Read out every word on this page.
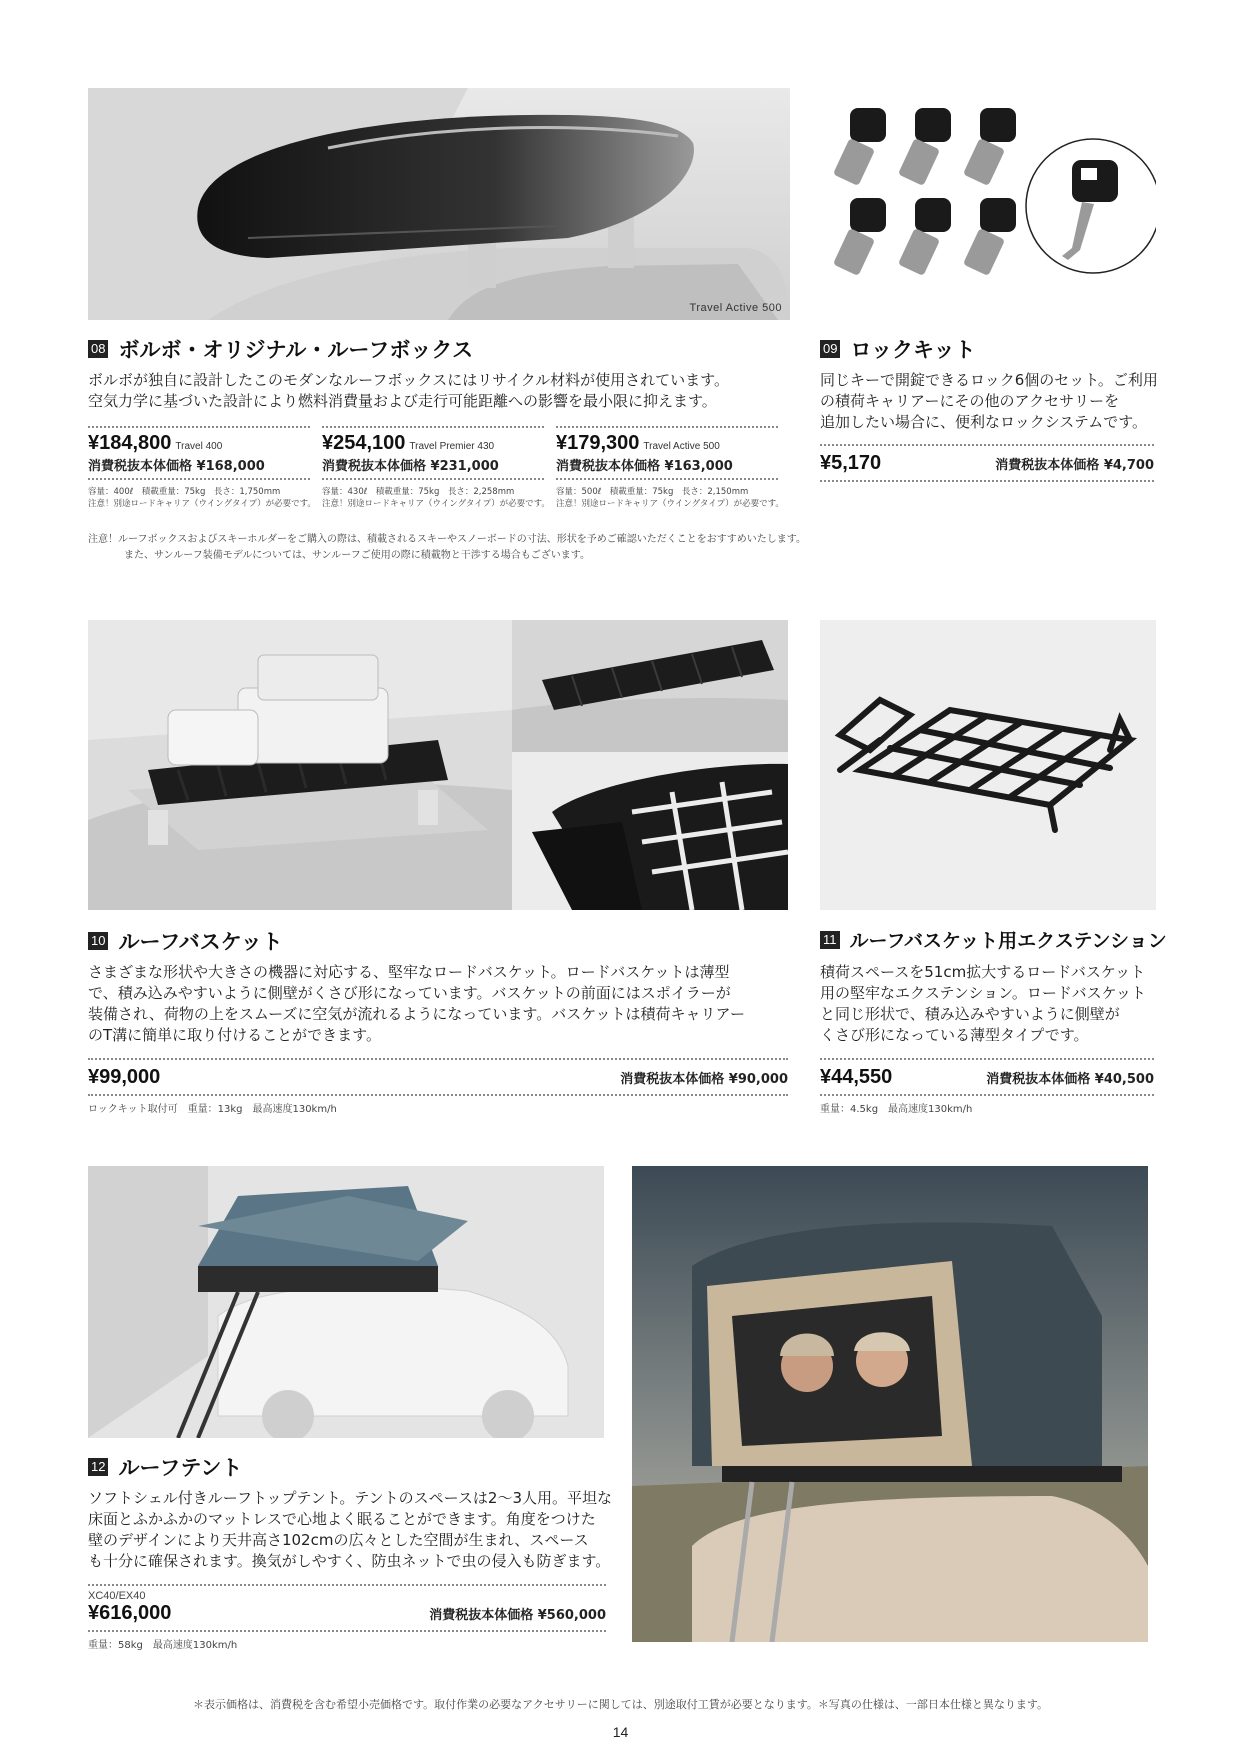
Travel Active 500
08 ボルボ・オリジナル・ルーフボックス
ボルボが独自に設計したこのモダンなルーフボックスにはリサイクル材料が使用されています。
空気力学に基づいた設計により燃料消費量および走行可能距離への影響を最小限に抑えます。
¥184,800 Travel 400
消費税抜本体価格 ¥168,000
¥254,100 Travel Premier 430
消費税抜本体価格 ¥231,000
¥179,300 Travel Active 500
消費税抜本体価格 ¥163,000
容量：400ℓ　積載重量：75kg　長さ：1,750mm
注意！別途ロードキャリア（ウイングタイプ）が必要です。
容量：430ℓ　積載重量：75kg　長さ：2,258mm
注意！別途ロードキャリア（ウイングタイプ）が必要です。
容量：500ℓ　積載重量：75kg　長さ：2,150mm
注意！別途ロードキャリア（ウイングタイプ）が必要です。
注意！ルーフボックスおよびスキーホルダーをご購入の際は、積載されるスキーやスノーボードの寸法、形状を予めご確認いただくことをおすすめいたします。
また、サンルーフ装備モデルについては、サンルーフご使用の際に積載物と干渉する場合もございます。
09 ロックキット
同じキーで開錠できるロック6個のセット。ご利用
の積荷キャリアーにその他のアクセサリーを
追加したい場合に、便利なロックシステムです。
¥5,170	消費税抜本体価格 ¥4,700
10 ルーフバスケット
さまざまな形状や大きさの機器に対応する、堅牢なロードバスケット。ロードバスケットは薄型
で、積み込みやすいように側壁がくさび形になっています。バスケットの前面にはスポイラーが
装備され、荷物の上をスムーズに空気が流れるようになっています。バスケットは積荷キャリアー
のT溝に簡単に取り付けることができます。
¥99,000	消費税抜本体価格 ¥90,000
ロックキット取付可　重量：13kg　最高速度130km/h
11 ルーフバスケット用エクステンション
積荷スペースを51cm拡大するロードバスケット
用の堅牢なエクステンション。ロードバスケット
と同じ形状で、積み込みやすいように側壁が
くさび形になっている薄型タイプです。
¥44,550	消費税抜本体価格 ¥40,500
重量：4.5kg　最高速度130km/h
12 ルーフテント
ソフトシェル付きルーフトップテント。テントのスペースは2〜3人用。平坦な
床面とふかふかのマットレスで心地よく眠ることができます。角度をつけた
壁のデザインにより天井高さ102cmの広々とした空間が生まれ、スペース
も十分に確保されます。換気がしやすく、防虫ネットで虫の侵入も防ぎます。
XC40/EX40
¥616,000	消費税抜本体価格 ¥560,000
重量：58kg　最高速度130km/h
＊表示価格は、消費税を含む希望小売価格です。取付作業の必要なアクセサリーに関しては、別途取付工賃が必要となります。＊写真の仕様は、一部日本仕様と異なります。
14
